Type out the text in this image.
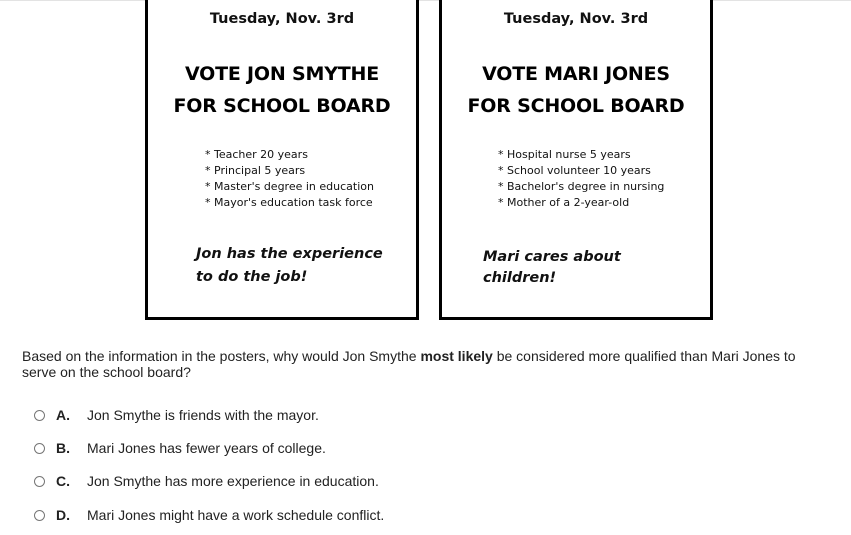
Tuesday, Nov. 3rd
VOTE JON SMYTHE
FOR SCHOOL BOARD
* Teacher 20 years
* Principal 5 years
* Master's degree in education
* Mayor's education task force
Jon has the experience
to do the job!
Tuesday, Nov. 3rd
VOTE MARI JONES
FOR SCHOOL BOARD
* Hospital nurse 5 years
* School volunteer 10 years
* Bachelor's degree in nursing
* Mother of a 2-year-old
Mari cares about
children!
Based on the information in the posters, why would Jon Smythe most likely be considered more qualified than Mari Jones to serve on the school board?
A.	Jon Smythe is friends with the mayor.
B.	Mari Jones has fewer years of college.
C.	Jon Smythe has more experience in education.
D.	Mari Jones might have a work schedule conflict.
